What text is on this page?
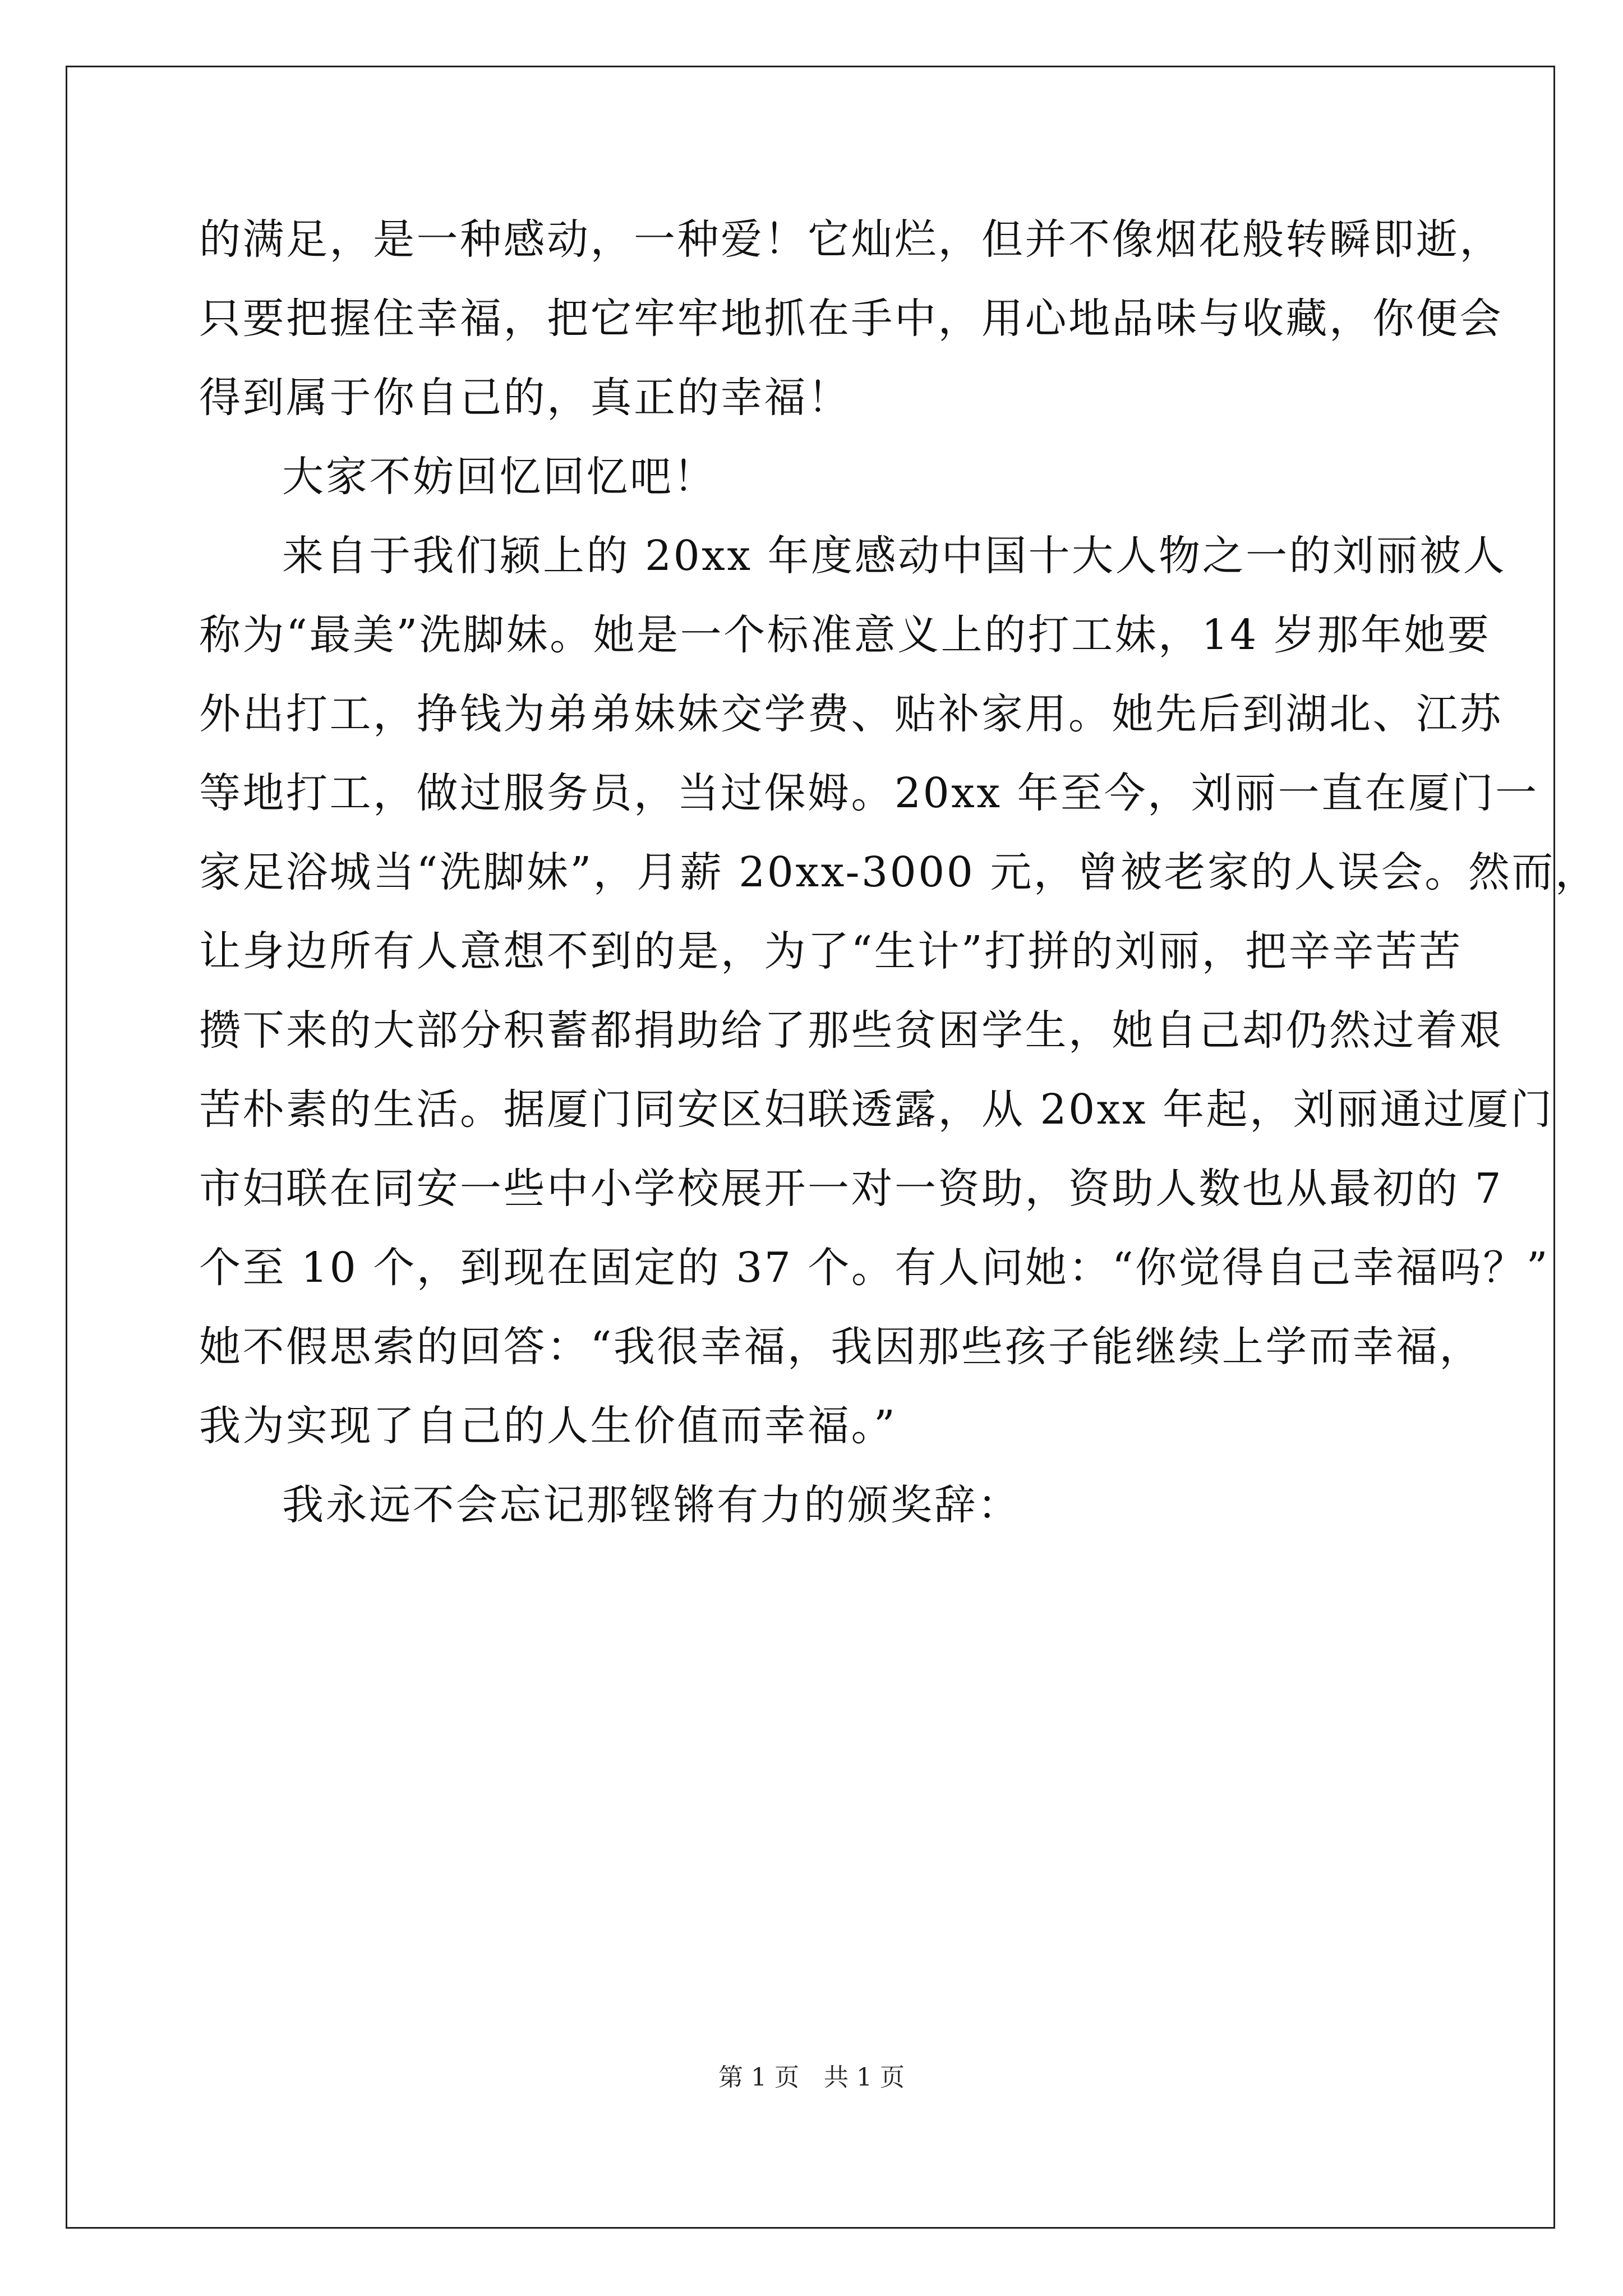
的满足，是一种感动，一种爱！它灿烂，但并不像烟花般转瞬即逝，
只要把握住幸福，把它牢牢地抓在手中，用心地品味与收藏，你便会
得到属于你自己的，真正的幸福！
大家不妨回忆回忆吧！
来自于我们颍上的 20xx 年度感动中国十大人物之一的刘丽被人
称为“最美”洗脚妹。她是一个标准意义上的打工妹，14 岁那年她要
外出打工，挣钱为弟弟妹妹交学费、贴补家用。她先后到湖北、江苏
等地打工，做过服务员，当过保姆。20xx 年至今，刘丽一直在厦门一
家足浴城当“洗脚妹”，月薪 20xx-3000 元，曾被老家的人误会。然而，
让身边所有人意想不到的是，为了“生计”打拼的刘丽，把辛辛苦苦
攒下来的大部分积蓄都捐助给了那些贫困学生，她自己却仍然过着艰
苦朴素的生活。据厦门同安区妇联透露，从 20xx 年起，刘丽通过厦门
市妇联在同安一些中小学校展开一对一资助，资助人数也从最初的 7
个至 10 个，到现在固定的 37 个。有人问她：“你觉得自己幸福吗？”
她不假思索的回答：“我很幸福，我因那些孩子能继续上学而幸福，
我为实现了自己的人生价值而幸福。”
我永远不会忘记那铿锵有力的颁奖辞：
第 1 页　共 1 页
